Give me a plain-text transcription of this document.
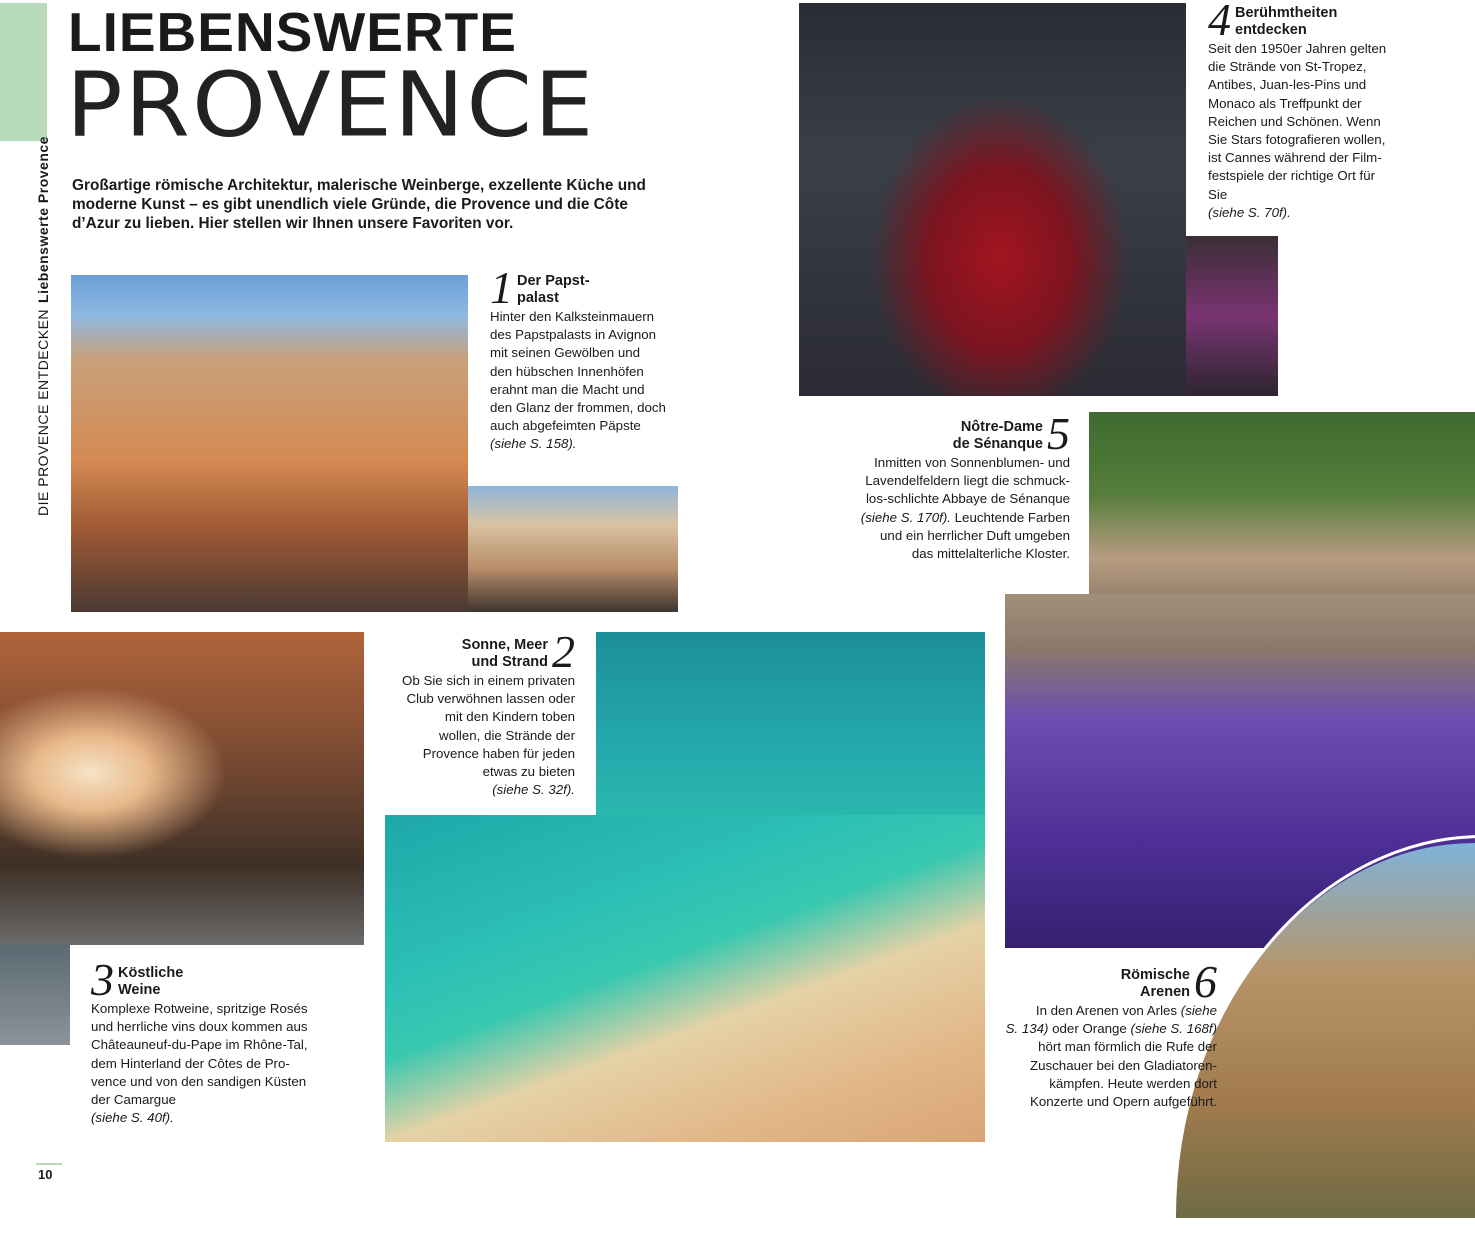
DIE PROVENCE ENTDECKENLiebenswerte Provence
LIEBENSWERTE
PROVENCE
Großartige römische Architektur, malerische Weinberge, exzellente Küche und moderne Kunst – es gibt unendlich viele Gründe, die Provence und die Côte d’Azur zu lieben. Hier stellen wir Ihnen unsere Favoriten vor.
1 Der Papst-
palast
Hinter den Kalksteinmauern
des Papstpalasts in Avignon
mit seinen Gewölben und
den hübschen Innenhöfen
erahnt man die Macht und
den Glanz der frommen, doch
auch abgefeimten Päpste
(siehe S. 158).
4 Berühmtheiten
entdecken
Seit den 1950er Jahren gelten
die Strände von St-Tropez,
Antibes, Juan-les-Pins und
Monaco als Treffpunkt der
Reichen und Schönen. Wenn
Sie Stars fotografieren wollen,
ist Cannes während der Film-
festspiele der richtige Ort für
Sie
(siehe S. 70f).
Nôtre-Dame
de Sénanque 5
Inmitten von Sonnenblumen- und
Lavendelfeldern liegt die schmuck-
los-schlichte Abbaye de Sénanque
(siehe S. 170f). Leuchtende Farben
und ein herrlicher Duft umgeben
das mittelalterliche Kloster.
Sonne, Meer
und Strand 2
Ob Sie sich in einem privaten
Club verwöhnen lassen oder
mit den Kindern toben
wollen, die Strände der
Provence haben für jeden
etwas zu bieten
(siehe S. 32f).
3 Köstliche
Weine
Komplexe Rotweine, spritzige Rosés
und herrliche vins doux kommen aus
Châteauneuf-du-Pape im Rhône-Tal,
dem Hinterland der Côtes de Pro-
vence und von den sandigen Küsten
der Camargue
(siehe S. 40f).
Römische
Arenen 6
In den Arenen von Arles (siehe
S. 134) oder Orange (siehe S. 168f)
hört man förmlich die Rufe der
Zuschauer bei den Gladiatoren-
kämpfen. Heute werden dort
Konzerte und Opern aufgeführt.
10
